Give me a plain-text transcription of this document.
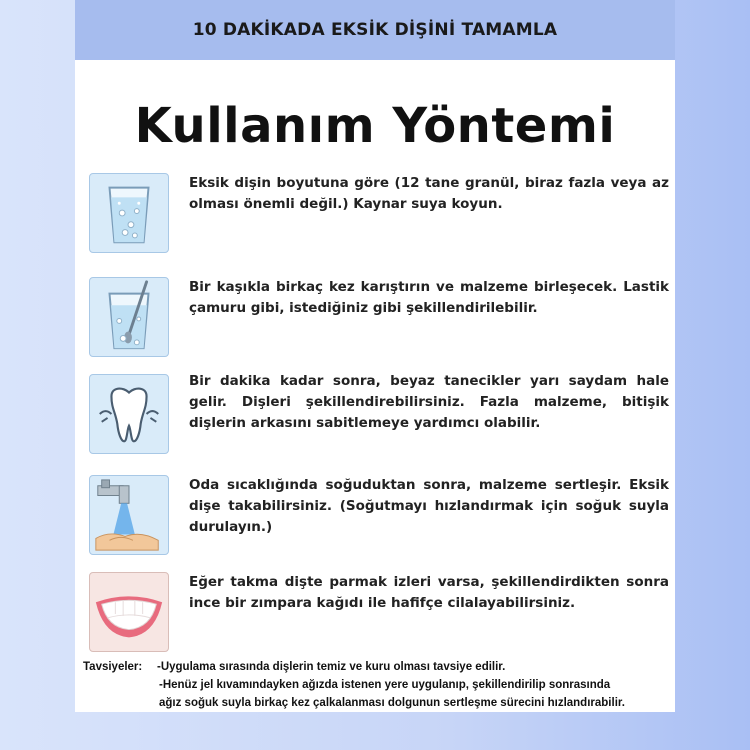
10 DAKİKADA EKSİK DİŞİNİ TAMAMLA
Kullanım Yöntemi
Eksik dişin boyutuna göre (12 tane granül, biraz fazla veya az olması önemli değil.) Kaynar suya koyun.
Bir kaşıkla birkaç kez karıştırın ve malzeme birleşecek. Lastik çamuru gibi, istediğiniz gibi şekillendirilebilir.
Bir dakika kadar sonra, beyaz tanecikler yarı saydam hale gelir. Dişleri şekillendirebilirsiniz. Fazla malzeme, bitişik dişlerin arkasını sabitlemeye yardımcı olabilir.
Oda sıcaklığında soğuduktan sonra, malzeme sertleşir. Eksik dişe takabilirsiniz. (Soğutmayı hızlandırmak için soğuk suyla durulayın.)
Eğer takma dişte parmak izleri varsa, şekillendirdikten sonra ince bir zımpara kağıdı ile hafifçe cilalayabilirsiniz.
Tavsiyeler: -Uygulama sırasında dişlerin temiz ve kuru olması tavsiye edilir.
-Henüz jel kıvamındayken ağızda istenen yere uygulanıp, şekillendirilip sonrasında
ağız soğuk suyla birkaç kez çalkalanması dolgunun sertleşme sürecini hızlandırabilir.
